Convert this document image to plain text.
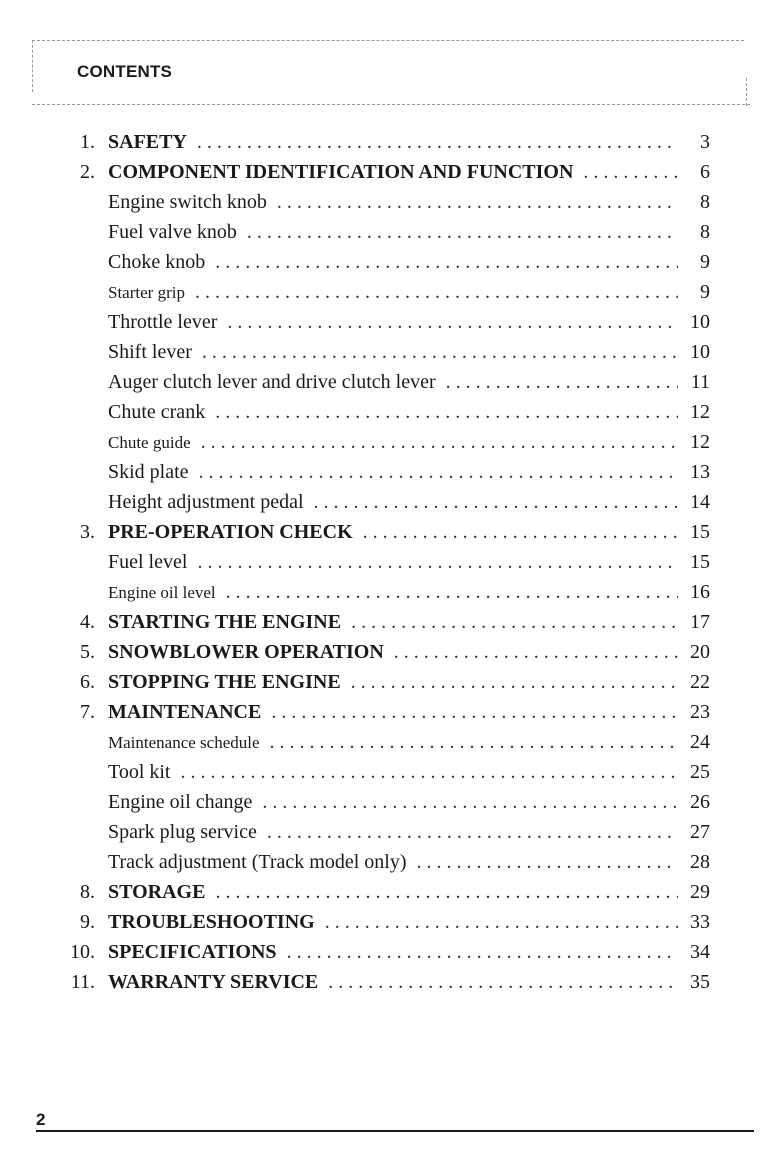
CONTENTS
1. SAFETY . . .	3
2. COMPONENT IDENTIFICATION AND FUNCTION . . .	6
Engine switch knob . . .	8
Fuel valve knob . . .	8
Choke knob . . .	9
Starter grip . . .	9
Throttle lever . . .	10
Shift lever . . .	10
Auger clutch lever and drive clutch lever . . .	11
Chute crank . . .	12
Chute guide . . .	12
Skid plate . . .	13
Height adjustment pedal . . .	14
3. PRE-OPERATION CHECK . . .	15
Fuel level . . .	15
Engine oil level . . .	16
4. STARTING THE ENGINE . . .	17
5. SNOWBLOWER OPERATION . . .	20
6. STOPPING THE ENGINE . . .	22
7. MAINTENANCE . . .	23
Maintenance schedule . . .	24
Tool kit . . .	25
Engine oil change . . .	26
Spark plug service . . .	27
Track adjustment (Track model only) . . .	28
8. STORAGE . . .	29
9. TROUBLESHOOTING . . .	33
10. SPECIFICATIONS . . .	34
11. WARRANTY SERVICE . . .	35
2
